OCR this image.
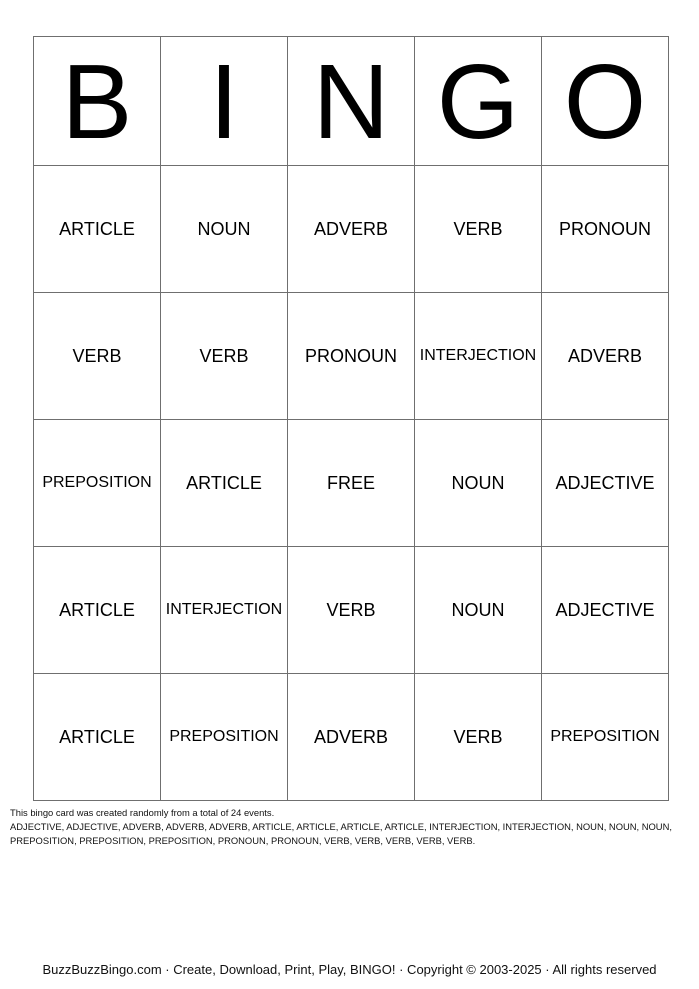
B	I	N	G	O
ARTICLE	NOUN	ADVERB	VERB	PRONOUN
VERB	VERB	PRONOUN	INTERJECTION	ADVERB
PREPOSITION	ARTICLE	FREE	NOUN	ADJECTIVE
ARTICLE	INTERJECTION	VERB	NOUN	ADJECTIVE
ARTICLE	PREPOSITION	ADVERB	VERB	PREPOSITION
This bingo card was created randomly from a total of 24 events.
ADJECTIVE, ADJECTIVE, ADVERB, ADVERB, ADVERB, ARTICLE, ARTICLE, ARTICLE, ARTICLE, INTERJECTION, INTERJECTION, NOUN, NOUN, NOUN,
PREPOSITION, PREPOSITION, PREPOSITION, PRONOUN, PRONOUN, VERB, VERB, VERB, VERB, VERB.
BuzzBuzzBingo.com · Create, Download, Print, Play, BINGO! · Copyright © 2003-2025 · All rights reserved
